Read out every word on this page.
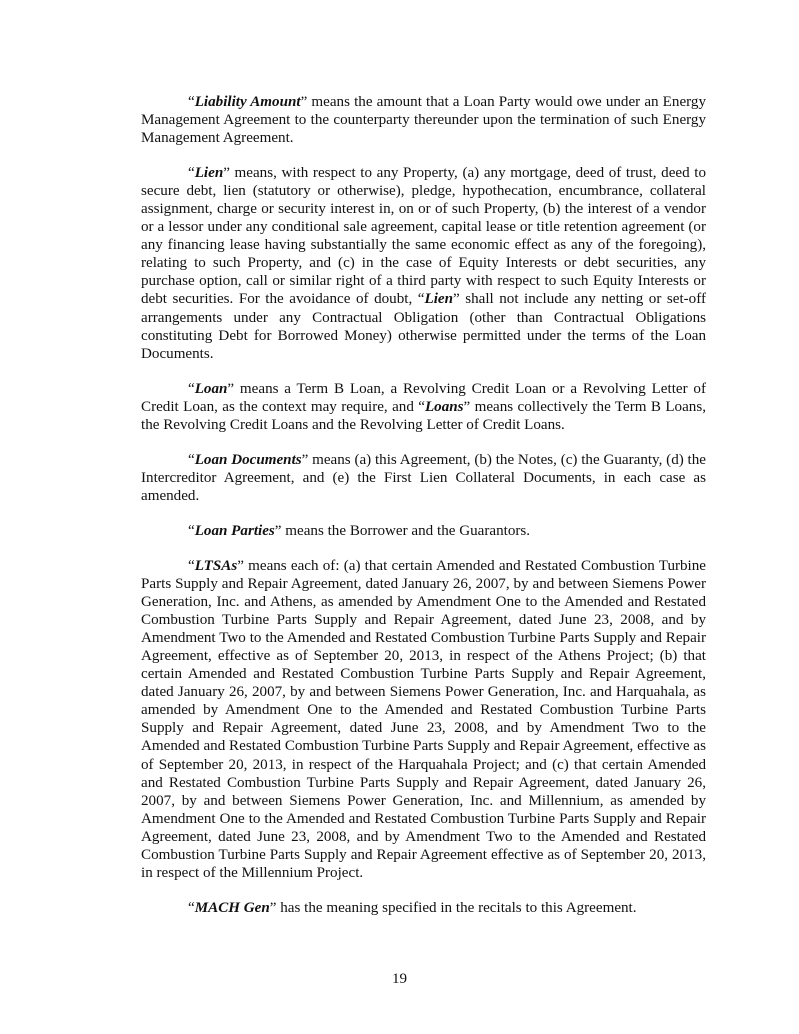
“Liability Amount” means the amount that a Loan Party would owe under an Energy Management Agreement to the counterparty thereunder upon the termination of such Energy Management Agreement.

“Lien” means, with respect to any Property, (a) any mortgage, deed of trust, deed to secure debt, lien (statutory or otherwise), pledge, hypothecation, encumbrance, collateral assignment, charge or security interest in, on or of such Property, (b) the interest of a vendor or a lessor under any conditional sale agreement, capital lease or title retention agreement (or any financing lease having substantially the same economic effect as any of the foregoing), relating to such Property, and (c) in the case of Equity Interests or debt securities, any purchase option, call or similar right of a third party with respect to such Equity Interests or debt securities. For the avoidance of doubt, “Lien” shall not include any netting or set-off arrangements under any Contractual Obligation (other than Contractual Obligations constituting Debt for Borrowed Money) otherwise permitted under the terms of the Loan Documents.

“Loan” means a Term B Loan, a Revolving Credit Loan or a Revolving Letter of Credit Loan, as the context may require, and “Loans” means collectively the Term B Loans, the Revolving Credit Loans and the Revolving Letter of Credit Loans.

“Loan Documents” means (a) this Agreement, (b) the Notes, (c) the Guaranty, (d) the Intercreditor Agreement, and (e) the First Lien Collateral Documents, in each case as amended.

“Loan Parties” means the Borrower and the Guarantors.

“LTSAs” means each of: (a) that certain Amended and Restated Combustion Turbine Parts Supply and Repair Agreement, dated January 26, 2007, by and between Siemens Power Generation, Inc. and Athens, as amended by Amendment One to the Amended and Restated Combustion Turbine Parts Supply and Repair Agreement, dated June 23, 2008, and by Amendment Two to the Amended and Restated Combustion Turbine Parts Supply and Repair Agreement, effective as of September 20, 2013, in respect of the Athens Project; (b) that certain Amended and Restated Combustion Turbine Parts Supply and Repair Agreement, dated January 26, 2007, by and between Siemens Power Generation, Inc. and Harquahala, as amended by Amendment One to the Amended and Restated Combustion Turbine Parts Supply and Repair Agreement, dated June 23, 2008, and by Amendment Two to the Amended and Restated Combustion Turbine Parts Supply and Repair Agreement, effective as of September 20, 2013, in respect of the Harquahala Project; and (c) that certain Amended and Restated Combustion Turbine Parts Supply and Repair Agreement, dated January 26, 2007, by and between Siemens Power Generation, Inc. and Millennium, as amended by Amendment One to the Amended and Restated Combustion Turbine Parts Supply and Repair Agreement, dated June 23, 2008, and by Amendment Two to the Amended and Restated Combustion Turbine Parts Supply and Repair Agreement effective as of September 20, 2013, in respect of the Millennium Project.

“MACH Gen” has the meaning specified in the recitals to this Agreement.

19
